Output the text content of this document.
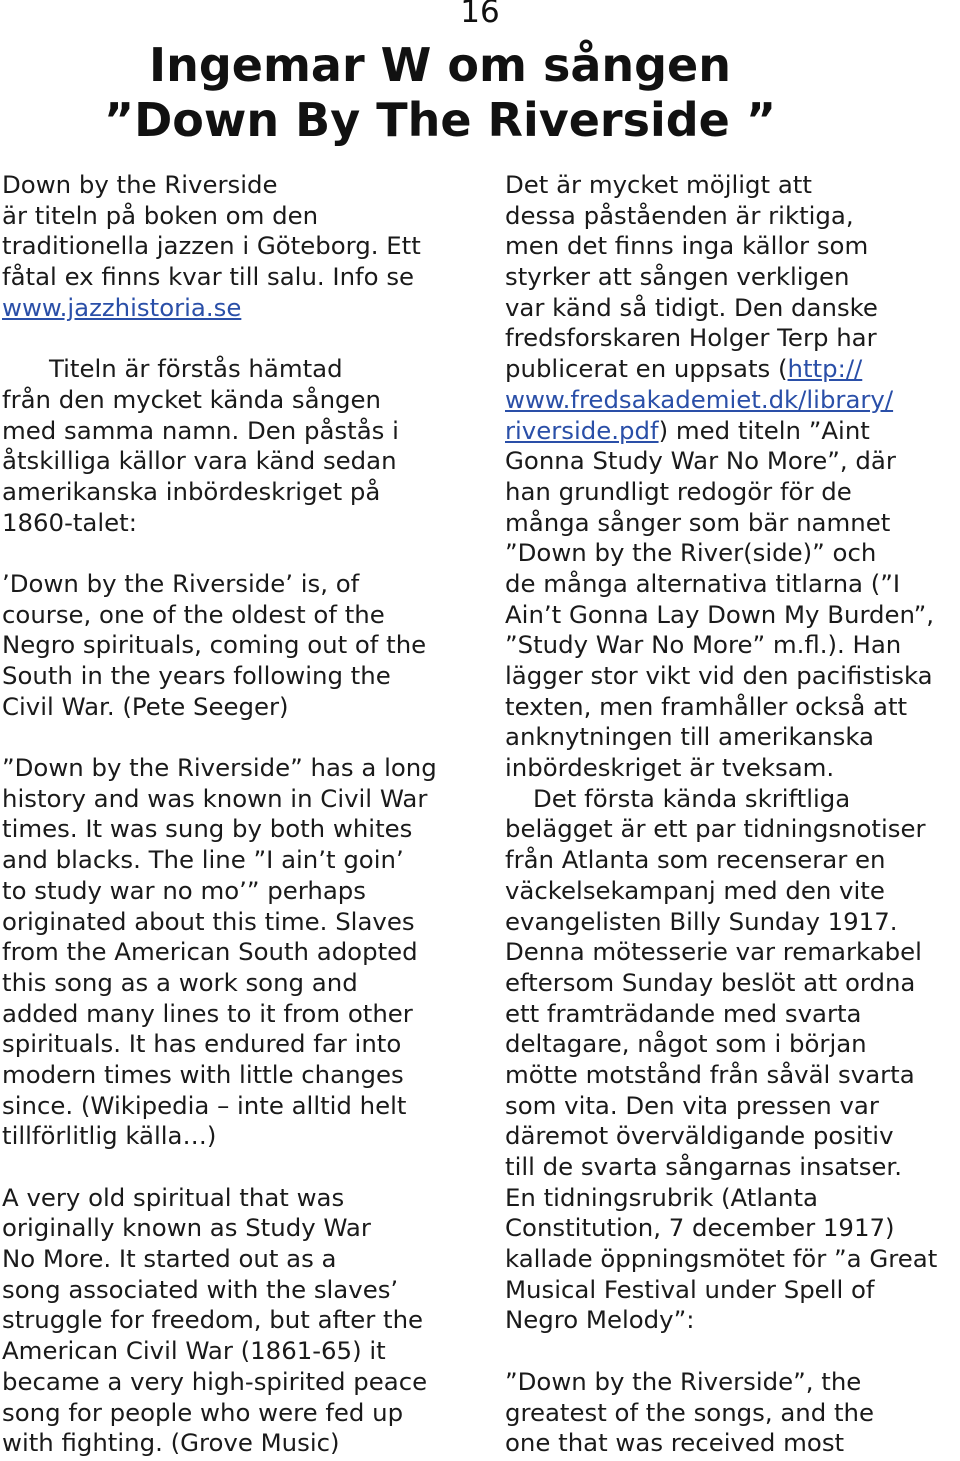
16
Ingemar W om sången
”Down By The Riverside ”
Down by the Riverside
är titeln på boken om den
traditionella jazzen i Göteborg. Ett
fåtal ex finns kvar till salu. Info se
www.jazzhistoria.se
Titeln är förstås hämtad
från den mycket kända sången
med samma namn. Den påstås i
åtskilliga källor vara känd sedan
amerikanska inbördeskriget på
1860-talet:
’Down by the Riverside’ is, of
course, one of the oldest of the
Negro spirituals, coming out of the
South in the years following the
Civil War. (Pete Seeger)
”Down by the Riverside” has a long
history and was known in Civil War
times. It was sung by both whites
and blacks. The line ”I ain’t goin’
to study war no mo’” perhaps
originated about this time. Slaves
from the American South adopted
this song as a work song and
added many lines to it from other
spirituals. It has endured far into
modern times with little changes
since. (Wikipedia – inte alltid helt
tillförlitlig källa…)
A very old spiritual that was
originally known as Study War
No More. It started out as a
song associated with the slaves’
struggle for freedom, but after the
American Civil War (1861-65) it
became a very high-spirited peace
song for people who were fed up
with fighting. (Grove Music)
Det är mycket möjligt att
dessa påståenden är riktiga,
men det finns inga källor som
styrker att sången verkligen
var känd så tidigt. Den danske
fredsforskaren Holger Terp har
publicerat en uppsats (http://
www.fredsakademiet.dk/library/
riverside.pdf) med titeln ”Aint
Gonna Study War No More”, där
han grundligt redogör för de
många sånger som bär namnet
”Down by the River(side)” och
de många alternativa titlarna (”I
Ain’t Gonna Lay Down My Burden”,
”Study War No More” m.fl.). Han
lägger stor vikt vid den pacifistiska
texten, men framhåller också att
anknytningen till amerikanska
inbördeskriget är tveksam.
Det första kända skriftliga
belägget är ett par tidningsnotiser
från Atlanta som recenserar en
väckelsekampanj med den vite
evangelisten Billy Sunday 1917.
Denna mötesserie var remarkabel
eftersom Sunday beslöt att ordna
ett framträdande med svarta
deltagare, något som i början
mötte motstånd från såväl svarta
som vita. Den vita pressen var
däremot överväldigande positiv
till de svarta sångarnas insatser.
En tidningsrubrik (Atlanta
Constitution, 7 december 1917)
kallade öppningsmötet för ”a Great
Musical Festival under Spell of
Negro Melody”:
”Down by the Riverside”, the
greatest of the songs, and the
one that was received most
